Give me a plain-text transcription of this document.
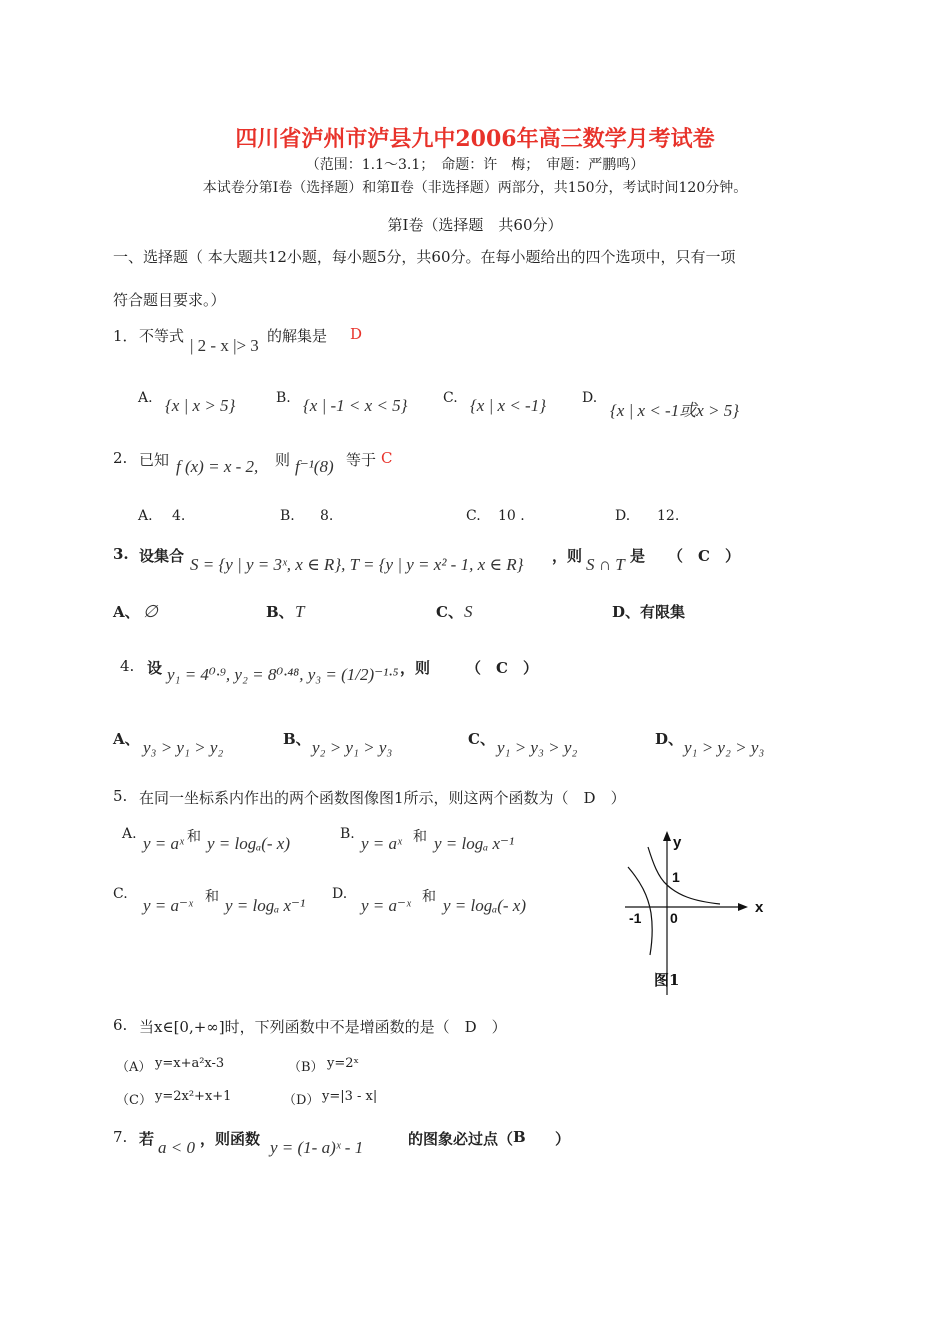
四川省泸州市泸县九中2006年高三数学月考试卷
（范围：1.1～3.1；　命题：许　梅；　审题：严鹏鸣）
本试卷分第Ⅰ卷（选择题）和第Ⅱ卷（非选择题）两部分，共150分，考试时间120分钟。
第Ⅰ卷（选择题　共60分）
一、选择题（ 本大题共12小题，每小题5分，共60分。在每小题给出的四个选项中，只有一项
符合题目要求。）
1． 不等式 | 2 - x |> 3 的解集是 D
A. {x | x > 5}	B. {x | -1 < x < 5}	C. {x | x < -1}	D.
{x | x < -1或x > 5}
2. 已知 f (x) = x - 2, 则 f⁻¹(8) 等于 C
A. 4.	B. 8.	C. 10 .	D. 12.
3. 设集合 S = {y | y = 3ˣ, x ∈ R}, T = {y | y = x² - 1, x ∈ R} ，则 S ∩ T 是 （　C　）
A、 ∅	B、 T	C、 S	D、 有限集
4. 设 y₁ = 4⁰·⁹, y₂ = 8⁰·⁴⁸, y₃ = (1/2)⁻¹·⁵ ，则 （　C　）
A、 y₃ > y₁ > y₂	B、 y₂ > y₁ > y₃	C、 y₁ > y₃ > y₂	D、 y₁ > y₂ > y₃
5. 在同一坐标系内作出的两个函数图像图1所示，则这两个函数为（　D　）
A. y = aˣ 和 y = logₐ(- x)	B. y = aˣ 和 y = logₐ x⁻¹
C.
y = a⁻ˣ 和 y = logₐ x⁻¹
D.
y = a⁻ˣ 和 y = logₐ(- x)
y
x
1
-1 0
图1
6. 当x∈[0,+∞]时，下列函数中不是增函数的是（　D　）
（A） y=x+a²x-3	（B） y=2ˣ
（C） y=2x²+x+1	（D） y=|3 - x|
7. 若 a < 0 ，则函数 y = (1- a)ˣ - 1	的图象必过点（ B ）
